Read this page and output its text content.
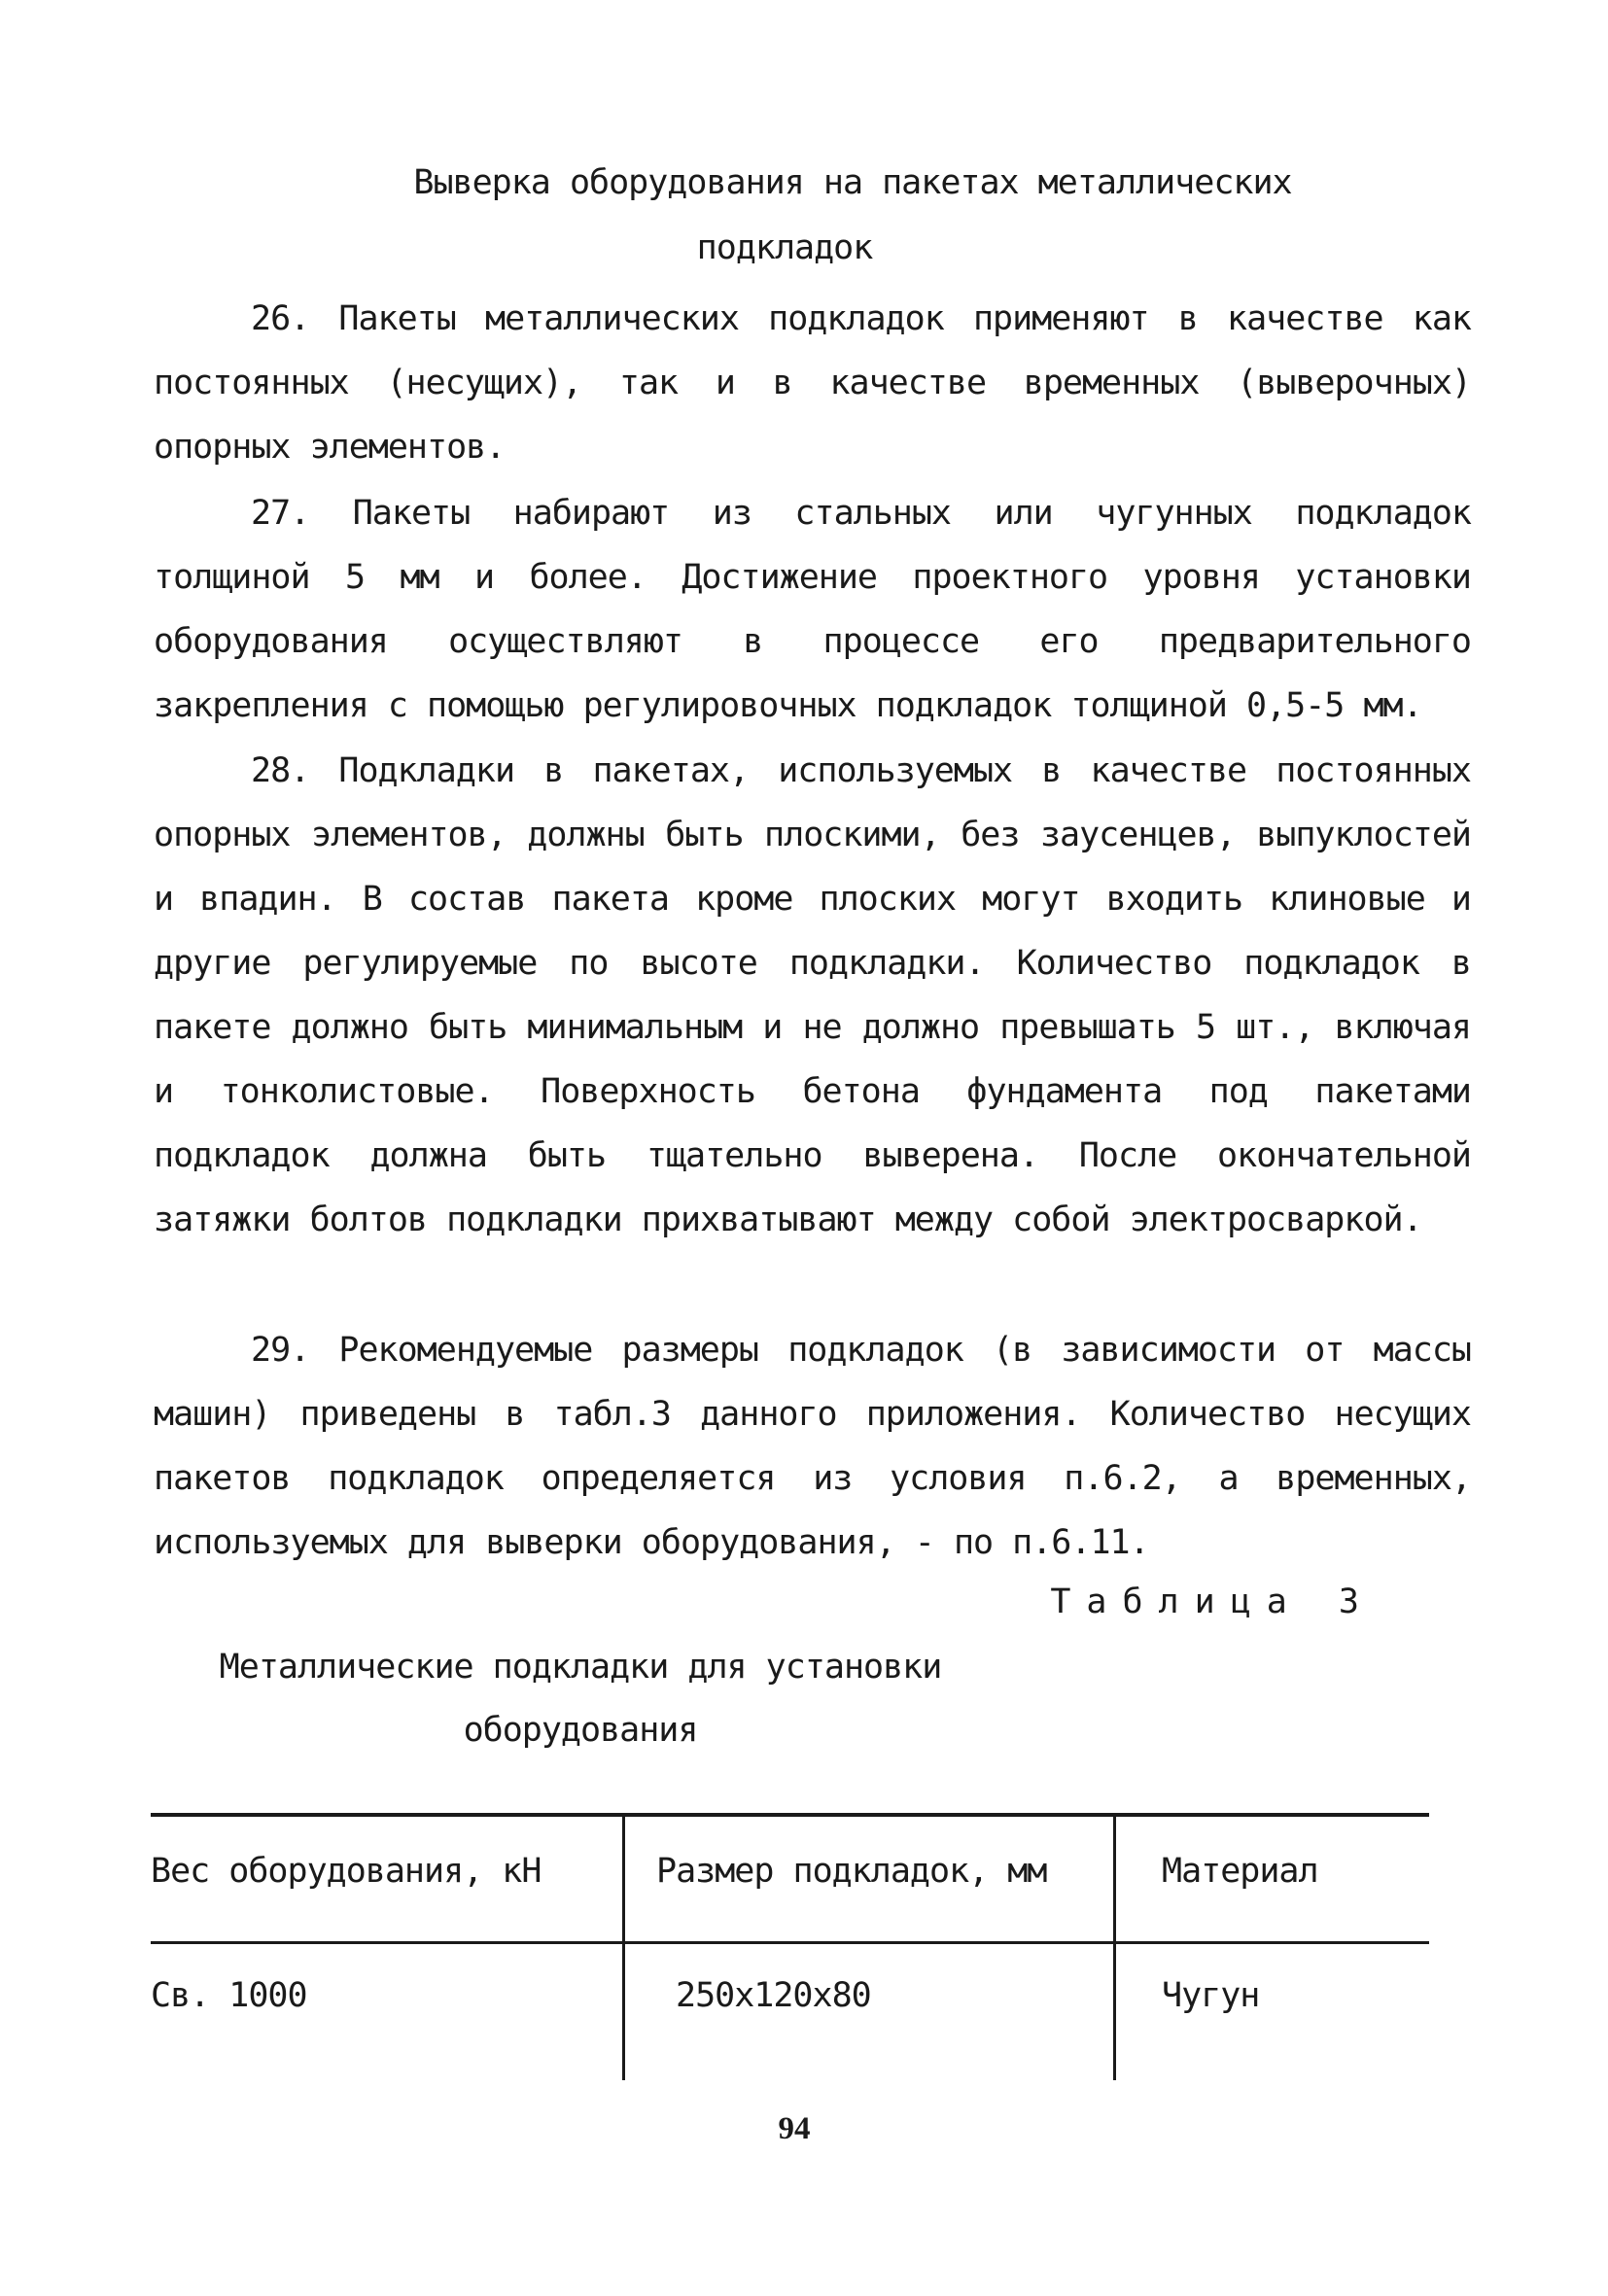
Выверка оборудования на пакетах металлических
подкладок

26. Пакеты металлических подкладок применяют в качестве как постоянных (несущих), так и в качестве временных (выверочных) опорных элементов.

27. Пакеты набирают из стальных или чугунных подкладок толщиной 5 мм и более. Достижение проектного уровня установки оборудования осуществляют в процессе его предварительного закрепления с помощью регулировочных подкладок толщиной 0,5-5 мм.

28. Подкладки в пакетах, используемых в качестве постоянных опорных элементов, должны быть плоскими, без заусенцев, выпуклостей и впадин. В состав пакета кроме плоских могут входить клиновые и другие регулируемые по высоте подкладки. Количество подкладок в пакете должно быть минимальным и не должно превышать 5 шт., включая и тонколистовые. Поверхность бетона фундамента под пакетами подкладок должна быть тщательно выверена. После окончательной затяжки болтов подкладки прихватывают между собой электросваркой.

29. Рекомендуемые размеры подкладок (в зависимости от массы машин) приведены в табл.3 данного приложения. Количество несущих пакетов подкладок определяется из условия п.6.2, а временных, используемых для выверки оборудования, - по п.6.11.

Таблица 3
Металлические подкладки для установки
оборудования
Вес оборудования, кН	Размер подкладок, мм	Материал
Св. 1000	250х120х80	Чугун
94
